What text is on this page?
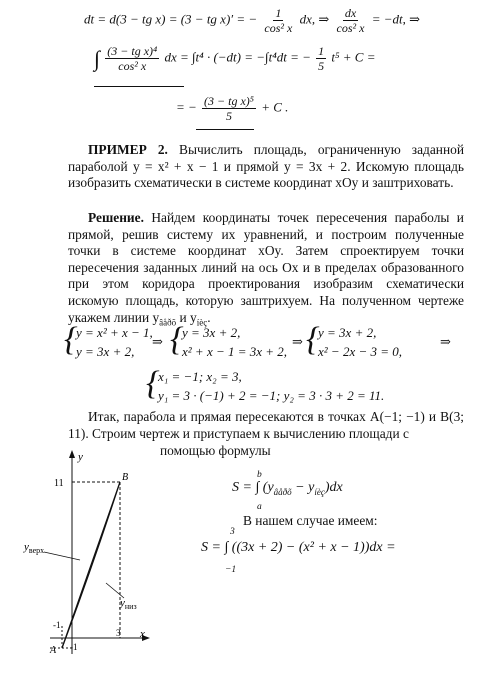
dt = d(3 − tg x) = (3 − tg x)′ = − $\frac{1}{\text{cos² x}}$ dx, ⇒ $\frac{dx}{\text{cos² x}} = -dt$, ⇒
∫ $\frac{\text{(3 − tg x)⁴}}{\text{cos² x}}$ dx = ∫t⁴ · (−dt) = −∫t⁴dt = − $\frac{1}{5} t^5 + C$ =
= − $\frac{\text{(3 − tg x)⁵}}{5} + C$ .
ПРИМЕР 2. Вычислить площадь, ограниченную заданной параболой y = x² + x − 1 и прямой y = 3x + 2. Искомую площадь изобразить схематически в системе координат xOy и заштриховать.
Решение. Найдем координаты точек пересечения параболы и прямой, решив систему их уравнений, и построим полученные точки в системе координат xOy. Затем спроектируем точки пересечения заданных линий на ось Ox и в пределах образованного при этом коридора проектирования изобразим схематически искомую площадь, которую заштрихуем. На полученном чертеже укажем линии $y_{âåðõ}$ и $y_{íèç}$.
{
y = x² + x − 1,
y = 3x + 2,
⇒ {
y = 3x + 2,
x² + x − 1 = 3x + 2,
⇒ {
y = 3x + 2,
x² − 2x − 3 = 0,
⇒
{
x₁ = −1; x₂ = 3,
y₁ = 3 · (−1) + 2 = −1; y₂ = 3 · 3 + 2 = 11.
Итак, парабола и прямая пересекаются в точках A(−1; −1) и B(3; 11). Строим чертеж и приступаем к вычислению площади с
помощью формулы
b
S = ∫ $(y_{âåðõ} - y_{íèç})dx$
a
В нашем случае имеем:
3
S = ∫ ((3x + 2) − (x² + x − 1))dx =
−1
y
x
11
B
A
-1
-1
3
$y_{верх}$
$y_{низ}$
